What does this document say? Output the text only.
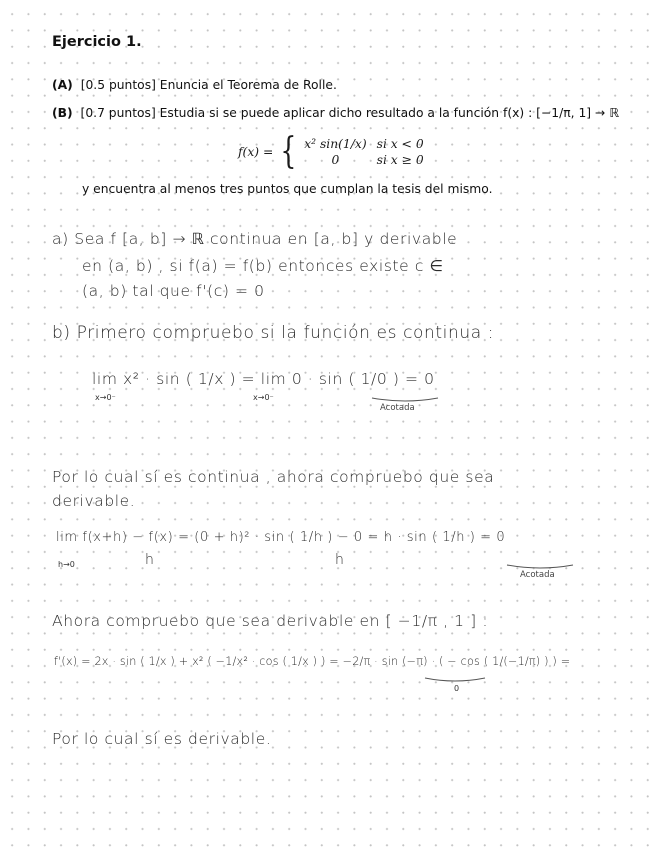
Ejercicio 1.
(A) [0.5 puntos] Enuncia el Teorema de Rolle.
(B) [0.7 puntos] Estudia si se puede aplicar dicho resultado a la función f(x) : [−1/π, 1] → ℝ
f(x) = { x² sin(1/x) si x < 0
0	si x ≥ 0
y encuentra al menos tres puntos que cumplan la tesis del mismo.
a) Sea f [a, b] → ℝ continua en [a, b] y derivable
en (a, b) , si f(a) = f(b) entonces existe c ∈
(a, b) tal que f'(c) = 0
b) Primero compruebo si la función es continua :
lim x² · sin ( 1/x ) = lim 0 · sin ( 1/0 ) = 0
x→0⁻	x→0⁻
Acotada
Por lo cual sí es continua , ahora compruebo que sea
derivable.
lim f(x+h) − f(x) = (0 + h)² · sin ( 1/h ) − 0 = h · sin ( 1/h ) = 0
h→0	h	h
Acotada
Ahora compruebo que sea derivable en [ −1/π , 1 ] :
f'(x) = 2x · sin ( 1/x ) + x² ( −1/x² · cos ( 1/x ) ) = −2/π · sin (−π) · ( − cos ( 1/(−1/π) ) ) =
0
Por lo cual sí es derivable.
